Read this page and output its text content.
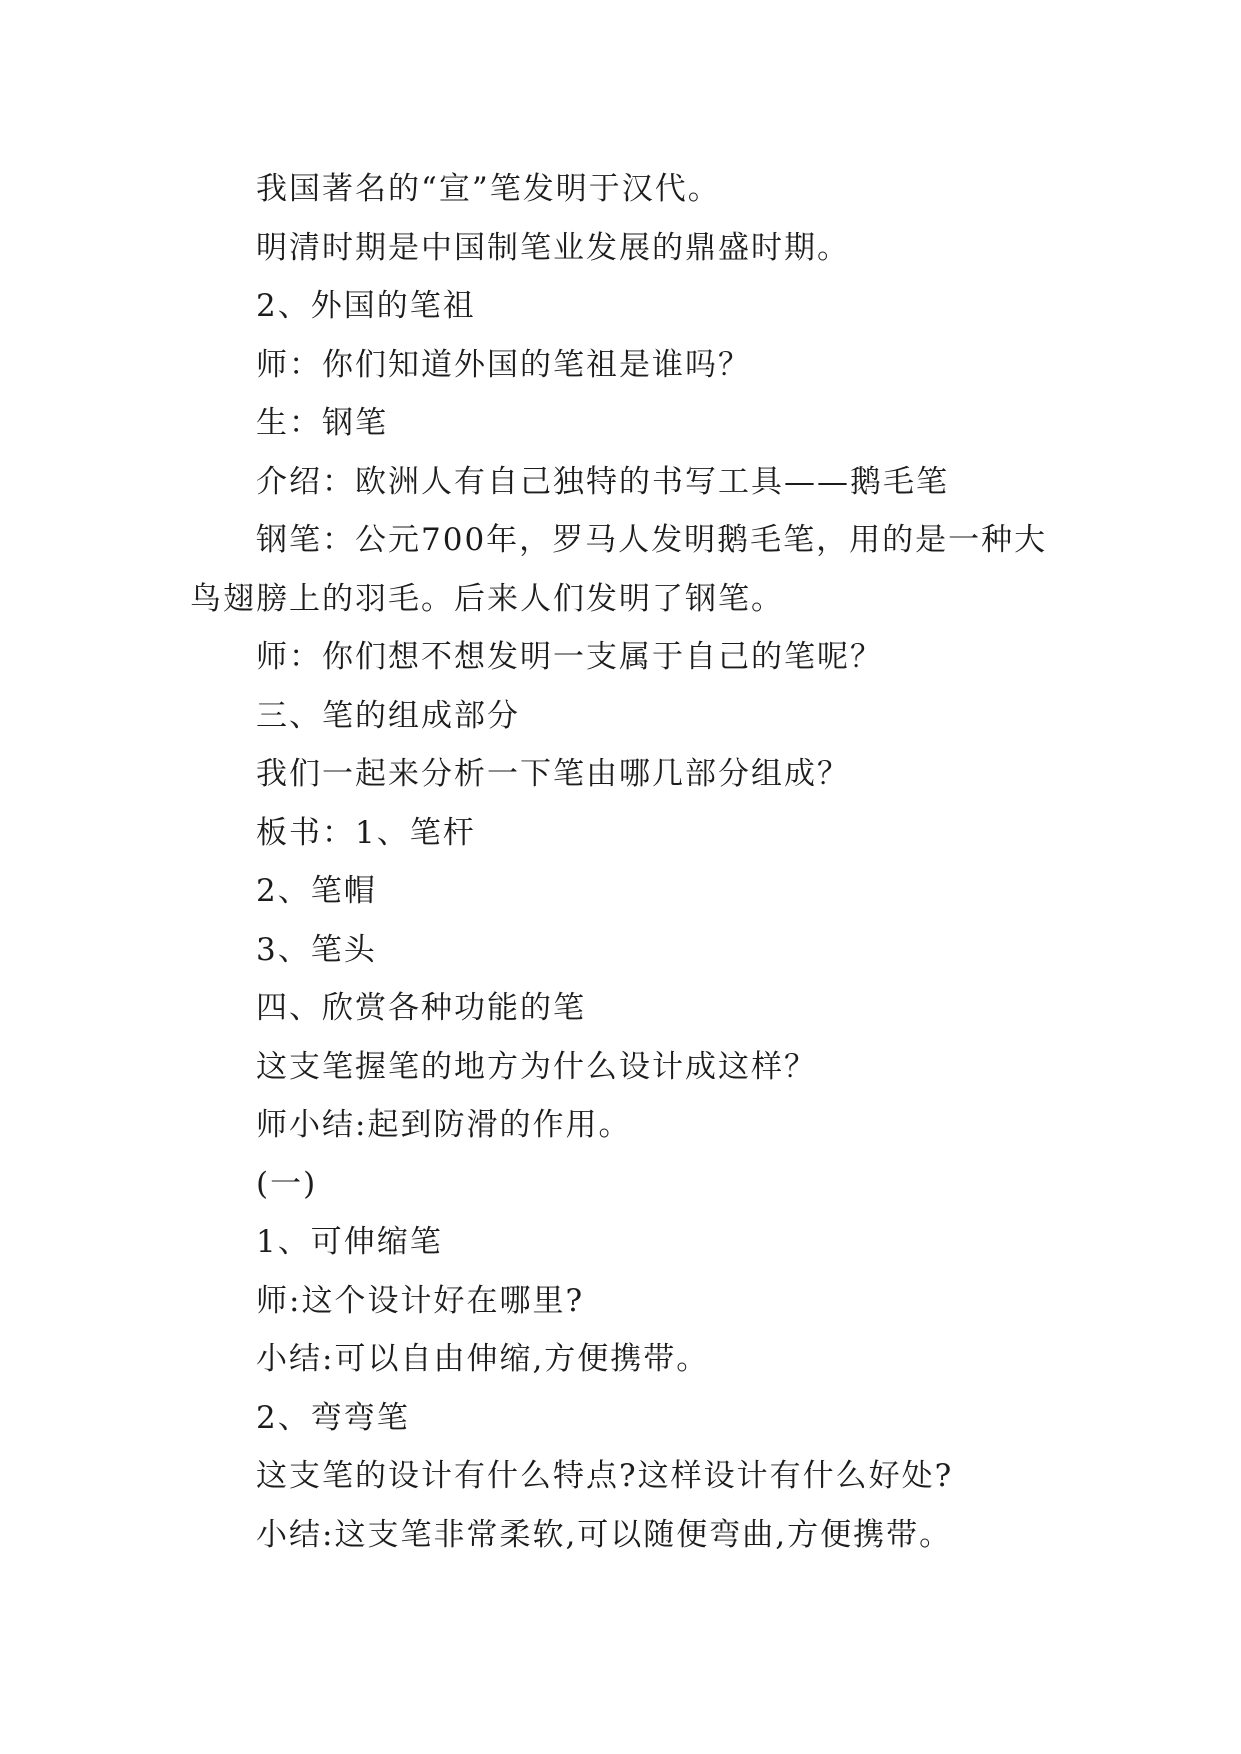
我国著名的“宣”笔发明于汉代。

明清时期是中国制笔业发展的鼎盛时期。

2、外国的笔祖

师：你们知道外国的笔祖是谁吗？

生：钢笔

介绍：欧洲人有自己独特的书写工具——鹅毛笔

钢笔：公元700年，罗马人发明鹅毛笔，用的是一种大
鸟翅膀上的羽毛。后来人们发明了钢笔。

师：你们想不想发明一支属于自己的笔呢？

三、笔的组成部分

我们一起来分析一下笔由哪几部分组成？

板书：1、笔杆

2、笔帽

3、笔头

四、欣赏各种功能的笔

这支笔握笔的地方为什么设计成这样？

师小结:起到防滑的作用。

(一)

1、可伸缩笔

师:这个设计好在哪里?

小结:可以自由伸缩,方便携带。

2、弯弯笔

这支笔的设计有什么特点?这样设计有什么好处?

小结:这支笔非常柔软,可以随便弯曲,方便携带。
